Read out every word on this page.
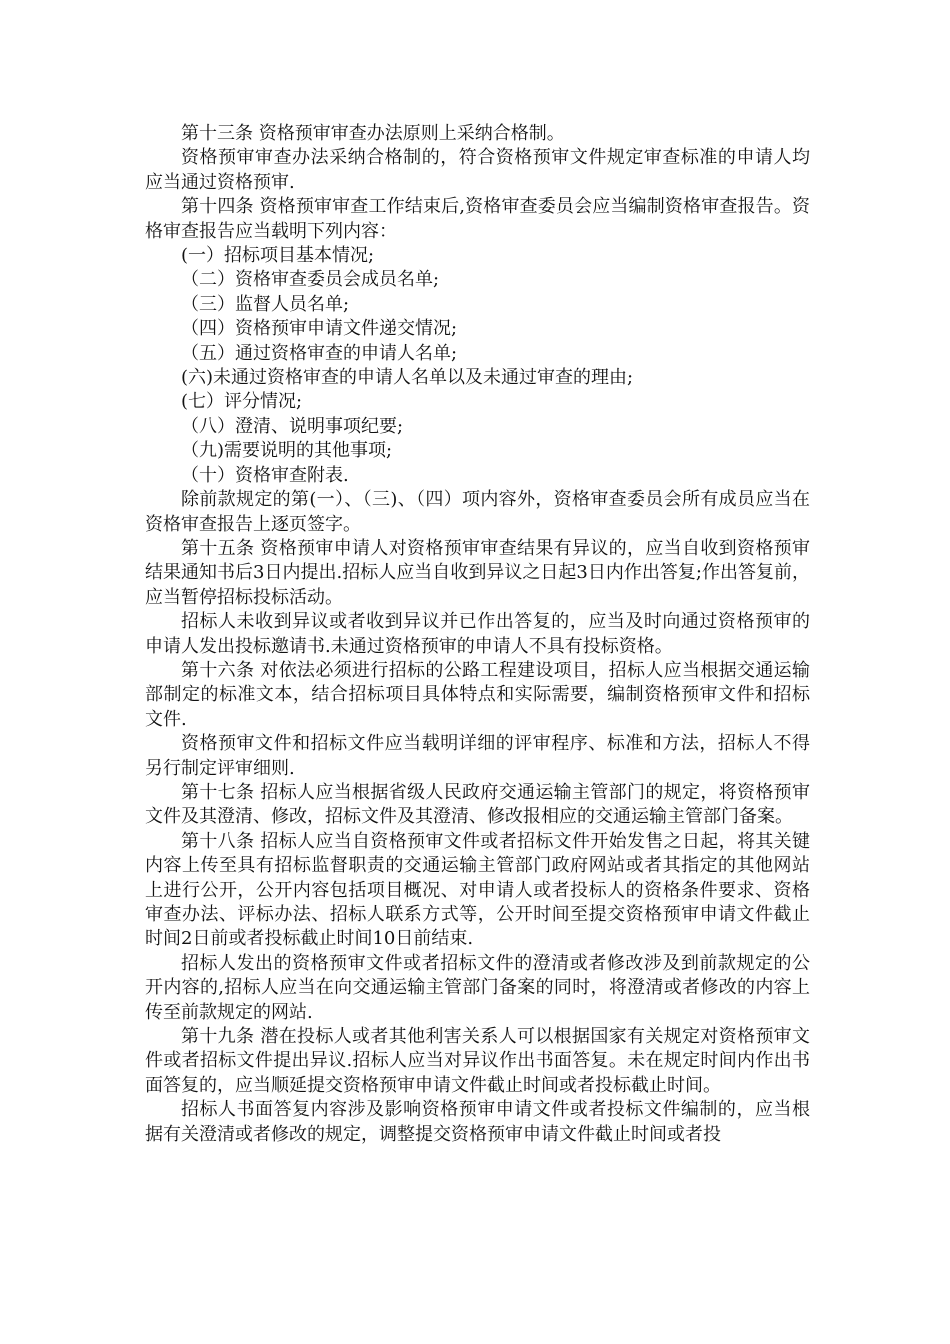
第十三条 资格预审审查办法原则上采纳合格制。

资格预审审查办法采纳合格制的，符合资格预审文件规定审查标准的申请人均应当通过资格预审.

第十四条 资格预审审查工作结束后,资格审查委员会应当编制资格审查报告。资格审查报告应当载明下列内容：

(一）招标项目基本情况;

（二）资格审查委员会成员名单;

（三）监督人员名单;

（四）资格预审申请文件递交情况;

（五）通过资格审查的申请人名单;

(六)未通过资格审查的申请人名单以及未通过审查的理由;

(七）评分情况;

（八）澄清、说明事项纪要;

（九)需要说明的其他事项;

（十）资格审查附表.

除前款规定的第(一）、（三)、（四）项内容外，资格审查委员会所有成员应当在资格审查报告上逐页签字。

第十五条 资格预审申请人对资格预审审查结果有异议的，应当自收到资格预审结果通知书后3日内提出.招标人应当自收到异议之日起3日内作出答复;作出答复前，应当暂停招标投标活动。

招标人未收到异议或者收到异议并已作出答复的，应当及时向通过资格预审的申请人发出投标邀请书.未通过资格预审的申请人不具有投标资格。

第十六条 对依法必须进行招标的公路工程建设项目，招标人应当根据交通运输部制定的标准文本，结合招标项目具体特点和实际需要，编制资格预审文件和招标文件.

资格预审文件和招标文件应当载明详细的评审程序、标准和方法，招标人不得另行制定评审细则.

第十七条 招标人应当根据省级人民政府交通运输主管部门的规定，将资格预审文件及其澄清、修改，招标文件及其澄清、修改报相应的交通运输主管部门备案。

第十八条 招标人应当自资格预审文件或者招标文件开始发售之日起，将其关键内容上传至具有招标监督职责的交通运输主管部门政府网站或者其指定的其他网站上进行公开，公开内容包括项目概况、对申请人或者投标人的资格条件要求、资格审查办法、评标办法、招标人联系方式等，公开时间至提交资格预审申请文件截止时间2日前或者投标截止时间10日前结束.

招标人发出的资格预审文件或者招标文件的澄清或者修改涉及到前款规定的公开内容的,招标人应当在向交通运输主管部门备案的同时，将澄清或者修改的内容上传至前款规定的网站.

第十九条 潜在投标人或者其他利害关系人可以根据国家有关规定对资格预审文件或者招标文件提出异议.招标人应当对异议作出书面答复。未在规定时间内作出书面答复的，应当顺延提交资格预审申请文件截止时间或者投标截止时间。

招标人书面答复内容涉及影响资格预审申请文件或者投标文件编制的，应当根据有关澄清或者修改的规定，调整提交资格预审申请文件截止时间或者投
